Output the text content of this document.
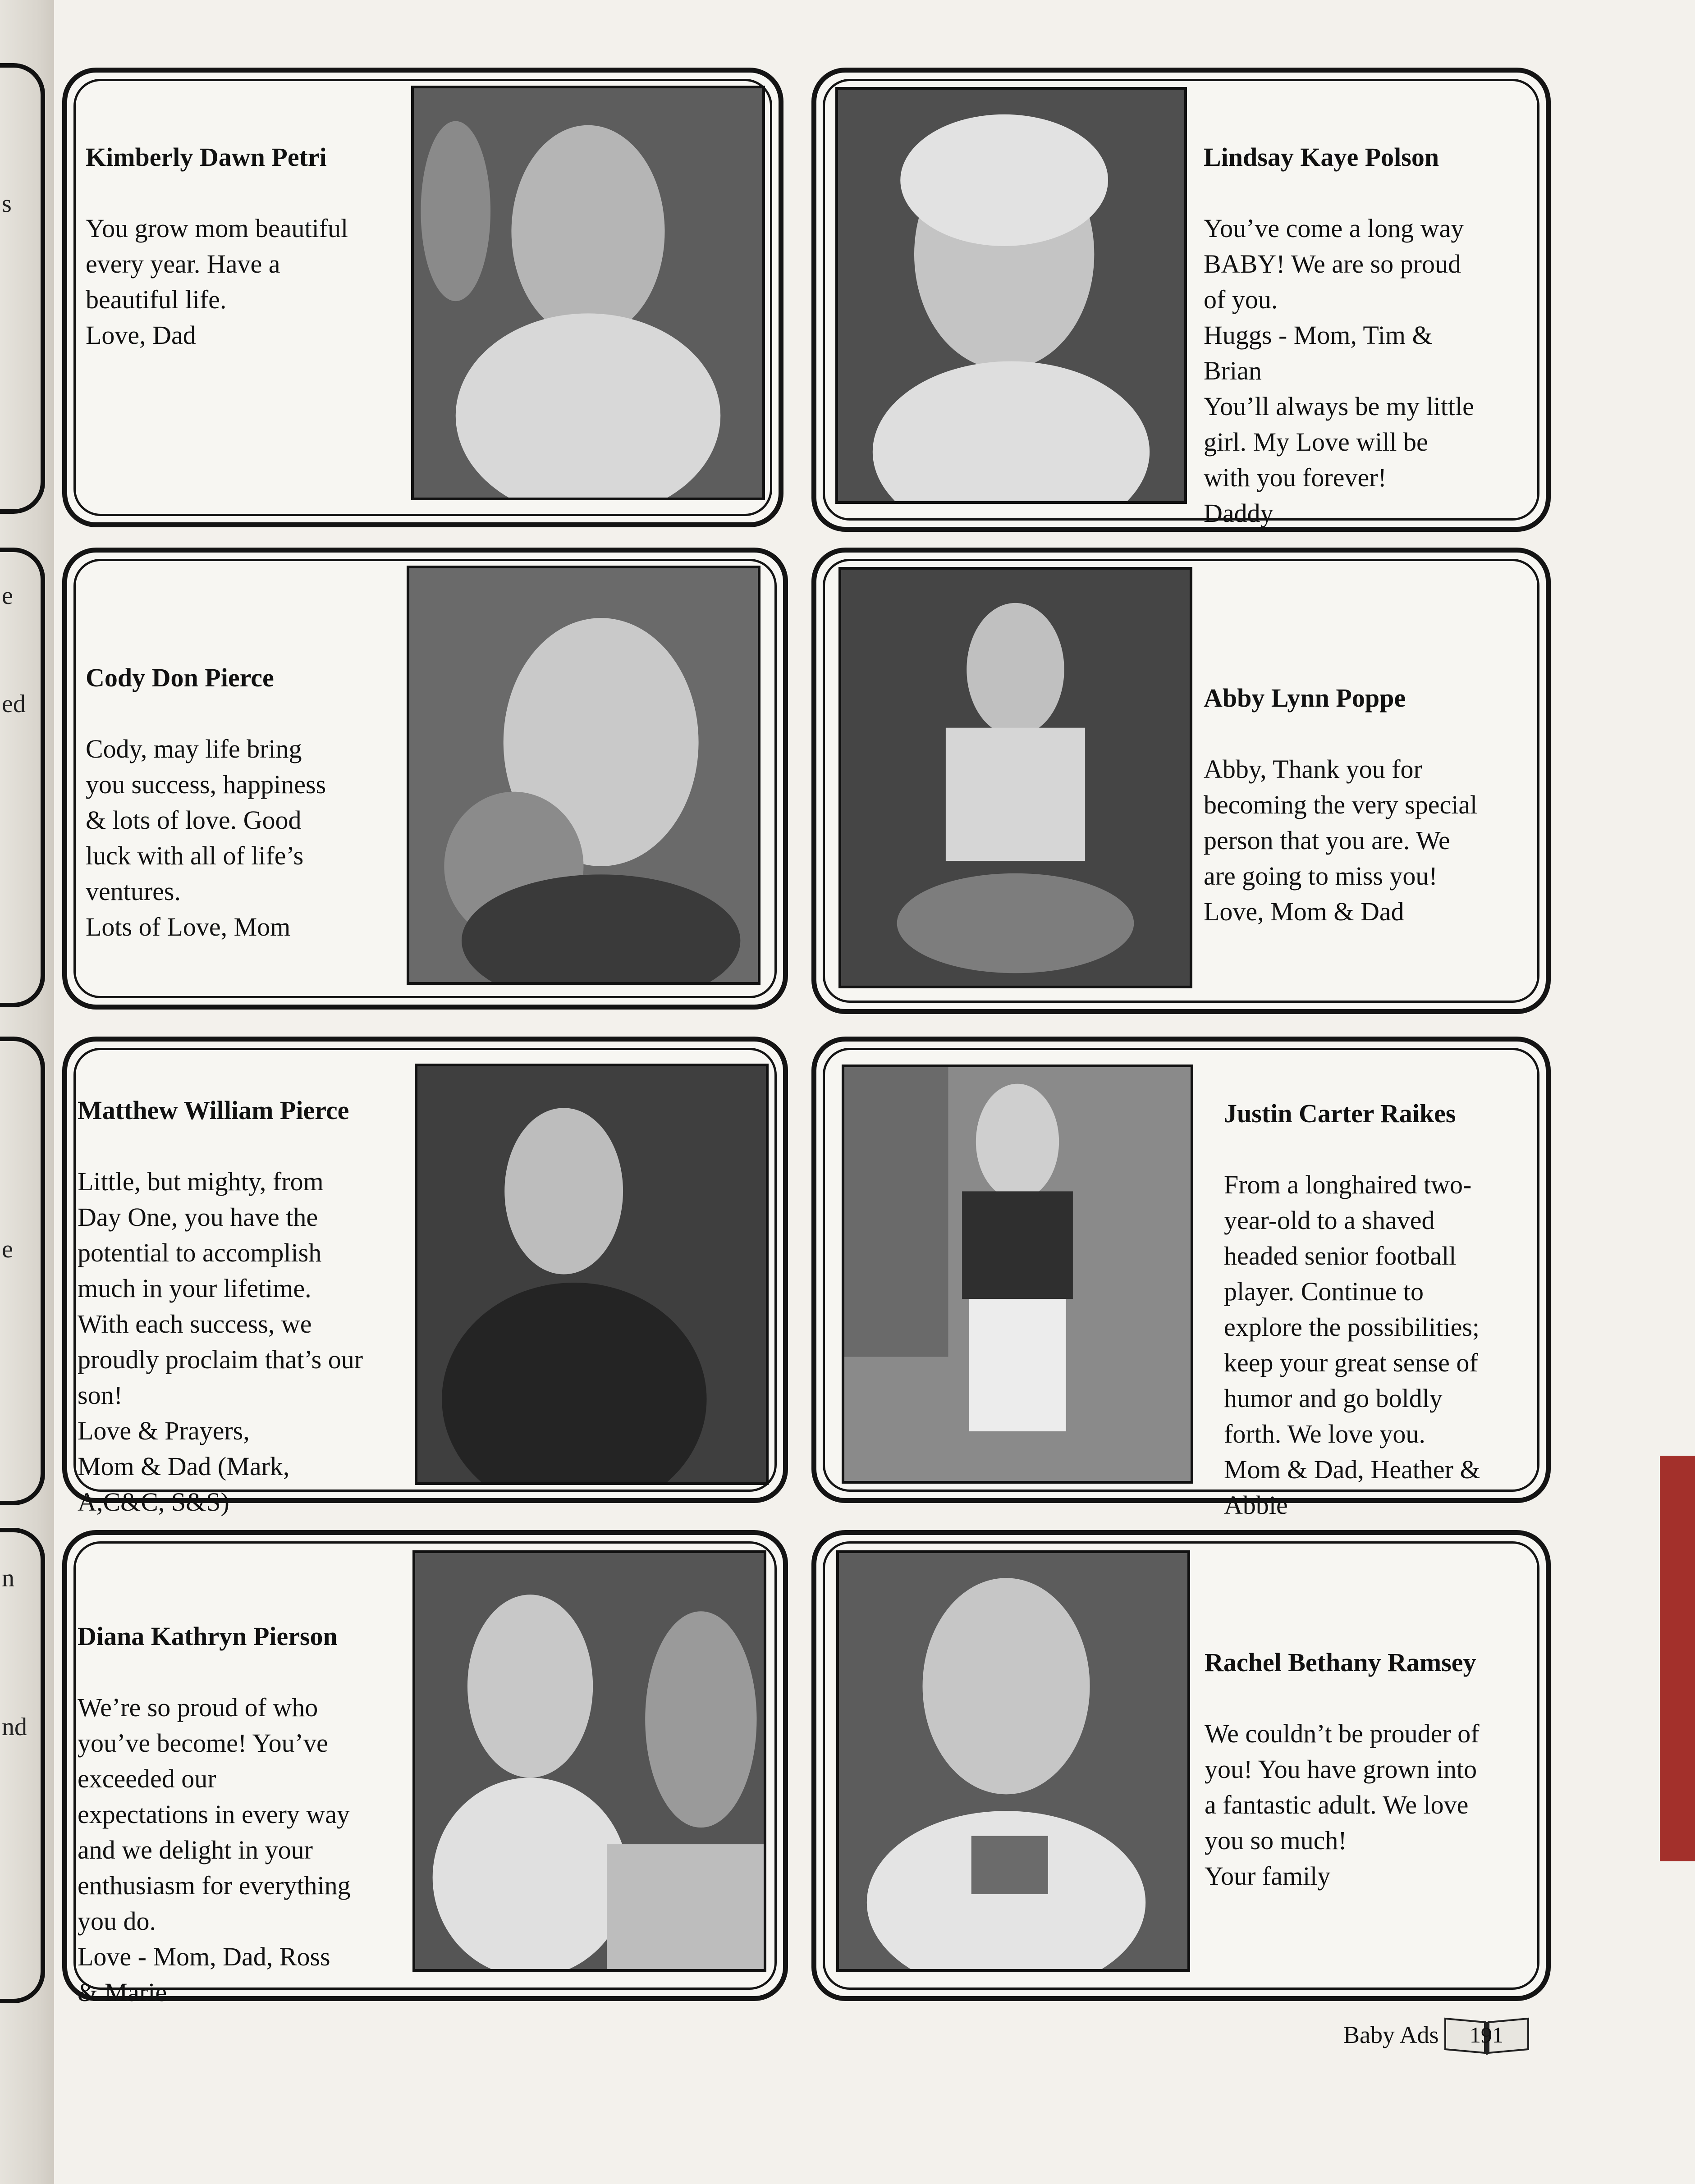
s
e
ed
e
n
nd

Kimberly Dawn Petri

You grow mom beautiful
every year. Have a
beautiful life.
Love, Dad

Lindsay Kaye Polson

You’ve come a long way
BABY! We are so proud
of you.
Huggs - Mom, Tim &
Brian
You’ll always be my little
girl. My Love will be
with you forever!
Daddy

Cody Don Pierce

Cody, may life bring
you success, happiness
& lots of love. Good
luck with all of life’s
ventures.
Lots of Love, Mom

Abby Lynn Poppe

Abby, Thank you for
becoming the very special
person that you are. We
are going to miss you!
Love, Mom & Dad

Matthew William Pierce

Little, but mighty, from
Day One, you have the
potential to accomplish
much in your lifetime.
With each success, we
proudly proclaim that’s our
son!
Love & Prayers,
Mom & Dad (Mark,
A,C&C, S&S)

Justin Carter Raikes

From a longhaired two-
year-old to a shaved
headed senior football
player. Continue to
explore the possibilities;
keep your great sense of
humor and go boldly
forth. We love you.
Mom & Dad, Heather &
Abbie

Diana Kathryn Pierson

We’re so proud of who
you’ve become! You’ve
exceeded our
expectations in every way
and we delight in your
enthusiasm for everything
you do.
Love - Mom, Dad, Ross
& Marie

Rachel Bethany Ramsey

We couldn’t be prouder of
you! You have grown into
a fantastic adult. We love
you so much!
Your family

Baby Ads 191
